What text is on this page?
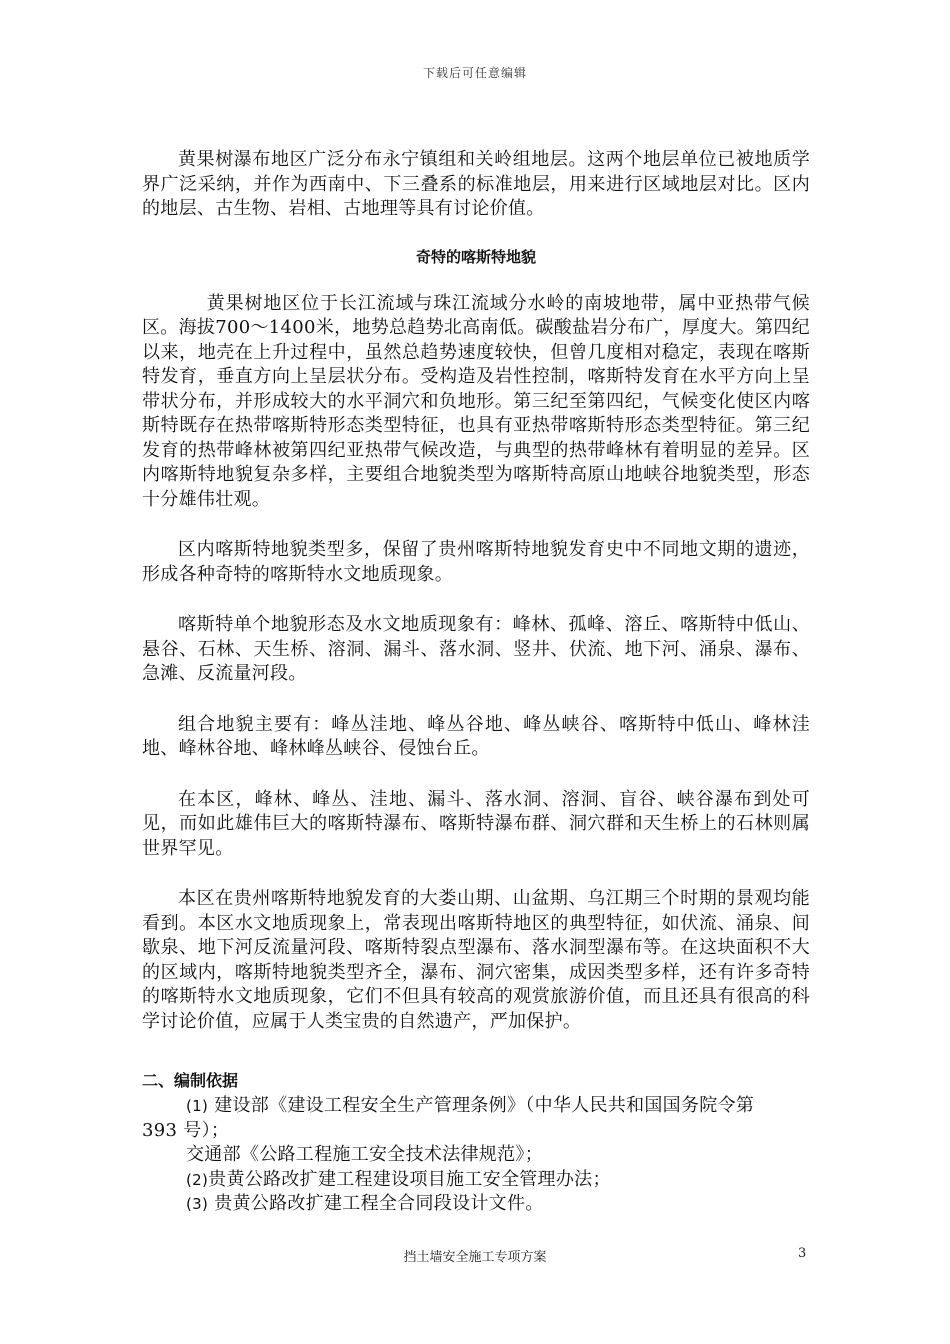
下载后可任意编辑

黄果树瀑布地区广泛分布永宁镇组和关岭组地层。这两个地层单位已被地质学界广泛采纳，并作为西南中、下三叠系的标准地层，用来进行区域地层对比。区内的地层、古生物、岩相、古地理等具有讨论价值。

奇特的喀斯特地貌

黄果树地区位于长江流域与珠江流域分水岭的南坡地带，属中亚热带气候区。海拔700～1400米，地势总趋势北高南低。碳酸盐岩分布广，厚度大。第四纪以来，地壳在上升过程中，虽然总趋势速度较快，但曾几度相对稳定，表现在喀斯特发育，垂直方向上呈层状分布。受构造及岩性控制，喀斯特发育在水平方向上呈带状分布，并形成较大的水平洞穴和负地形。第三纪至第四纪，气候变化使区内喀斯特既存在热带喀斯特形态类型特征，也具有亚热带喀斯特形态类型特征。第三纪发育的热带峰林被第四纪亚热带气候改造，与典型的热带峰林有着明显的差异。区内喀斯特地貌复杂多样，主要组合地貌类型为喀斯特高原山地峡谷地貌类型，形态十分雄伟壮观。

区内喀斯特地貌类型多，保留了贵州喀斯特地貌发育史中不同地文期的遗迹，形成各种奇特的喀斯特水文地质现象。

喀斯特单个地貌形态及水文地质现象有：峰林、孤峰、溶丘、喀斯特中低山、悬谷、石林、天生桥、溶洞、漏斗、落水洞、竖井、伏流、地下河、涌泉、瀑布、急滩、反流量河段。

组合地貌主要有：峰丛洼地、峰丛谷地、峰丛峡谷、喀斯特中低山、峰林洼地、峰林谷地、峰林峰丛峡谷、侵蚀台丘。

在本区，峰林、峰丛、洼地、漏斗、落水洞、溶洞、盲谷、峡谷瀑布到处可见，而如此雄伟巨大的喀斯特瀑布、喀斯特瀑布群、洞穴群和天生桥上的石林则属世界罕见。

本区在贵州喀斯特地貌发育的大娄山期、山盆期、乌江期三个时期的景观均能看到。本区水文地质现象上，常表现出喀斯特地区的典型特征，如伏流、涌泉、间歇泉、地下河反流量河段、喀斯特裂点型瀑布、落水洞型瀑布等。在这块面积不大的区域内，喀斯特地貌类型齐全，瀑布、洞穴密集，成因类型多样，还有许多奇特的喀斯特水文地质现象，它们不但具有较高的观赏旅游价值，而且还具有很高的科学讨论价值，应属于人类宝贵的自然遗产，严加保护。

二、编制依据

(1) 建设部《建设工程安全生产管理条例》（中华人民共和国国务院令第

393 号）；

交通部《公路工程施工安全技术法律规范》；

(2)贵黄公路改扩建工程建设项目施工安全管理办法；

(3) 贵黄公路改扩建工程全合同段设计文件。

挡土墙安全施工专项方案	3
